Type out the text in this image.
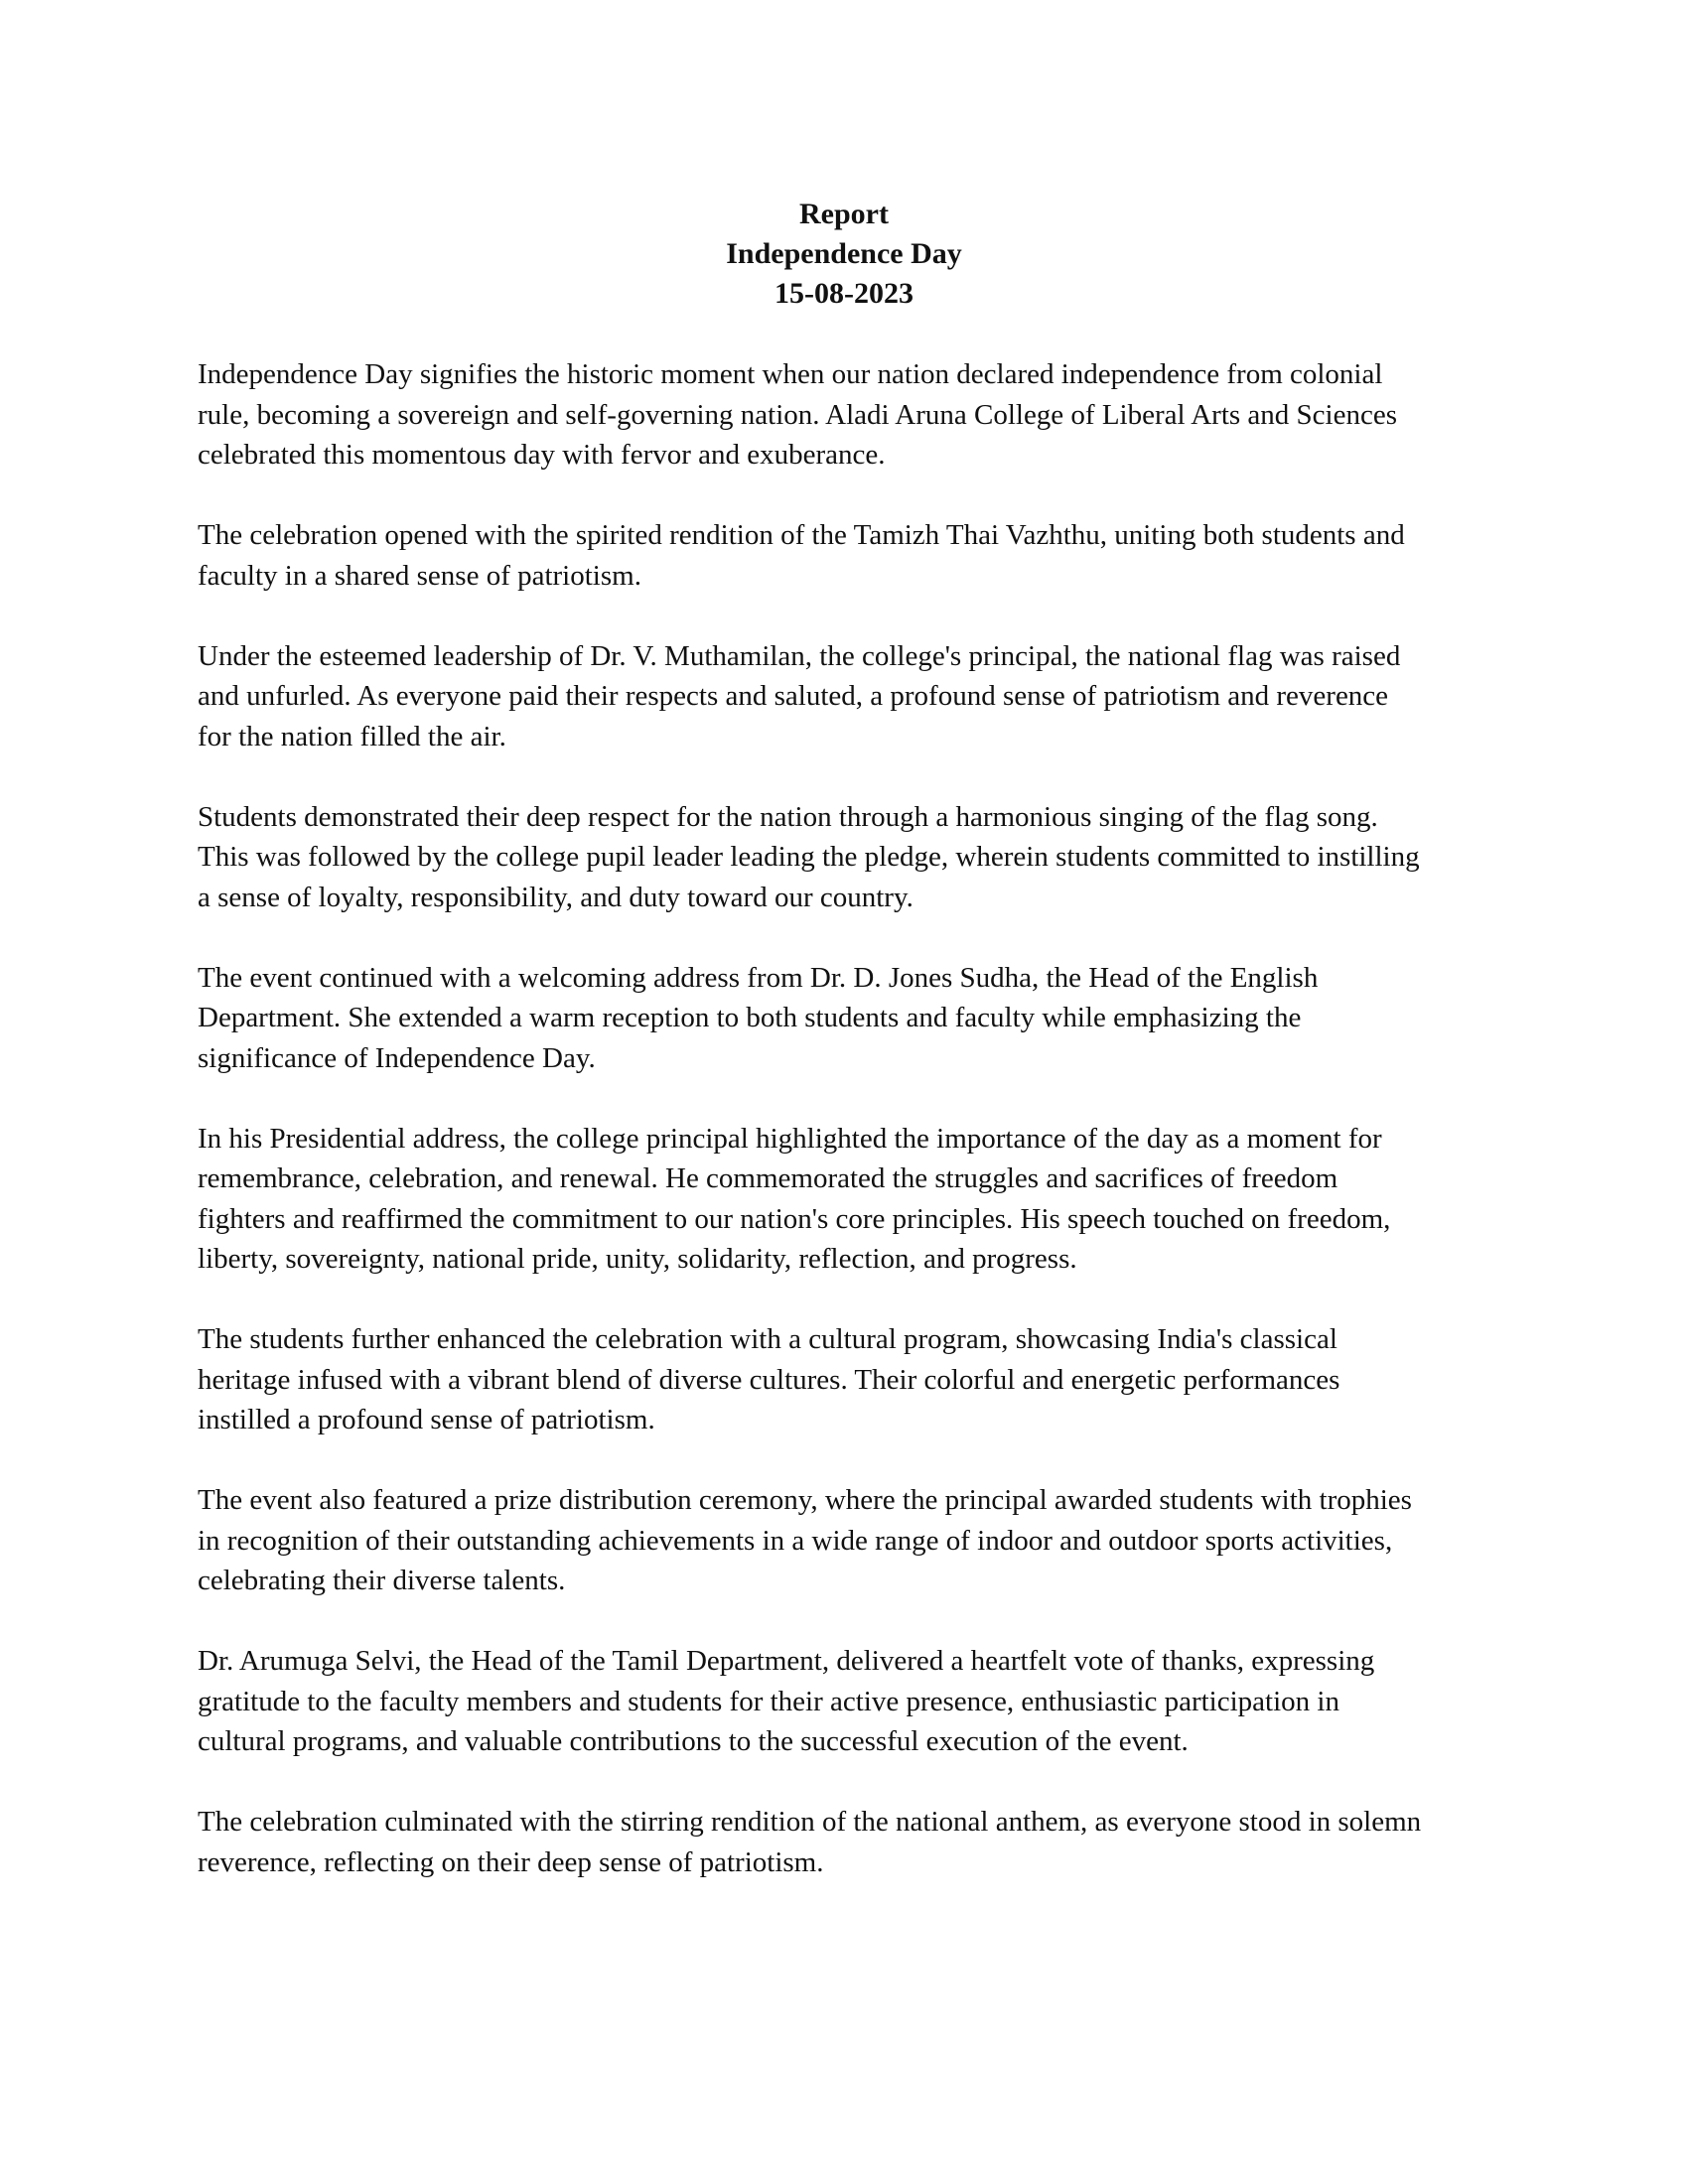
Report
Independence Day
15-08-2023

Independence Day signifies the historic moment when our nation declared independence from colonial
rule, becoming a sovereign and self-governing nation. Aladi Aruna College of Liberal Arts and Sciences
celebrated this momentous day with fervor and exuberance.

The celebration opened with the spirited rendition of the Tamizh Thai Vazhthu, uniting both students and
faculty in a shared sense of patriotism.

Under the esteemed leadership of Dr. V. Muthamilan, the college's principal, the national flag was raised
and unfurled. As everyone paid their respects and saluted, a profound sense of patriotism and reverence
for the nation filled the air.

Students demonstrated their deep respect for the nation through a harmonious singing of the flag song.
This was followed by the college pupil leader leading the pledge, wherein students committed to instilling
a sense of loyalty, responsibility, and duty toward our country.

The event continued with a welcoming address from Dr. D. Jones Sudha, the Head of the English
Department. She extended a warm reception to both students and faculty while emphasizing the
significance of Independence Day.

In his Presidential address, the college principal highlighted the importance of the day as a moment for
remembrance, celebration, and renewal. He commemorated the struggles and sacrifices of freedom
fighters and reaffirmed the commitment to our nation's core principles. His speech touched on freedom,
liberty, sovereignty, national pride, unity, solidarity, reflection, and progress.

The students further enhanced the celebration with a cultural program, showcasing India's classical
heritage infused with a vibrant blend of diverse cultures. Their colorful and energetic performances
instilled a profound sense of patriotism.

The event also featured a prize distribution ceremony, where the principal awarded students with trophies
in recognition of their outstanding achievements in a wide range of indoor and outdoor sports activities,
celebrating their diverse talents.

Dr. Arumuga Selvi, the Head of the Tamil Department, delivered a heartfelt vote of thanks, expressing
gratitude to the faculty members and students for their active presence, enthusiastic participation in
cultural programs, and valuable contributions to the successful execution of the event.

The celebration culminated with the stirring rendition of the national anthem, as everyone stood in solemn
reverence, reflecting on their deep sense of patriotism.
